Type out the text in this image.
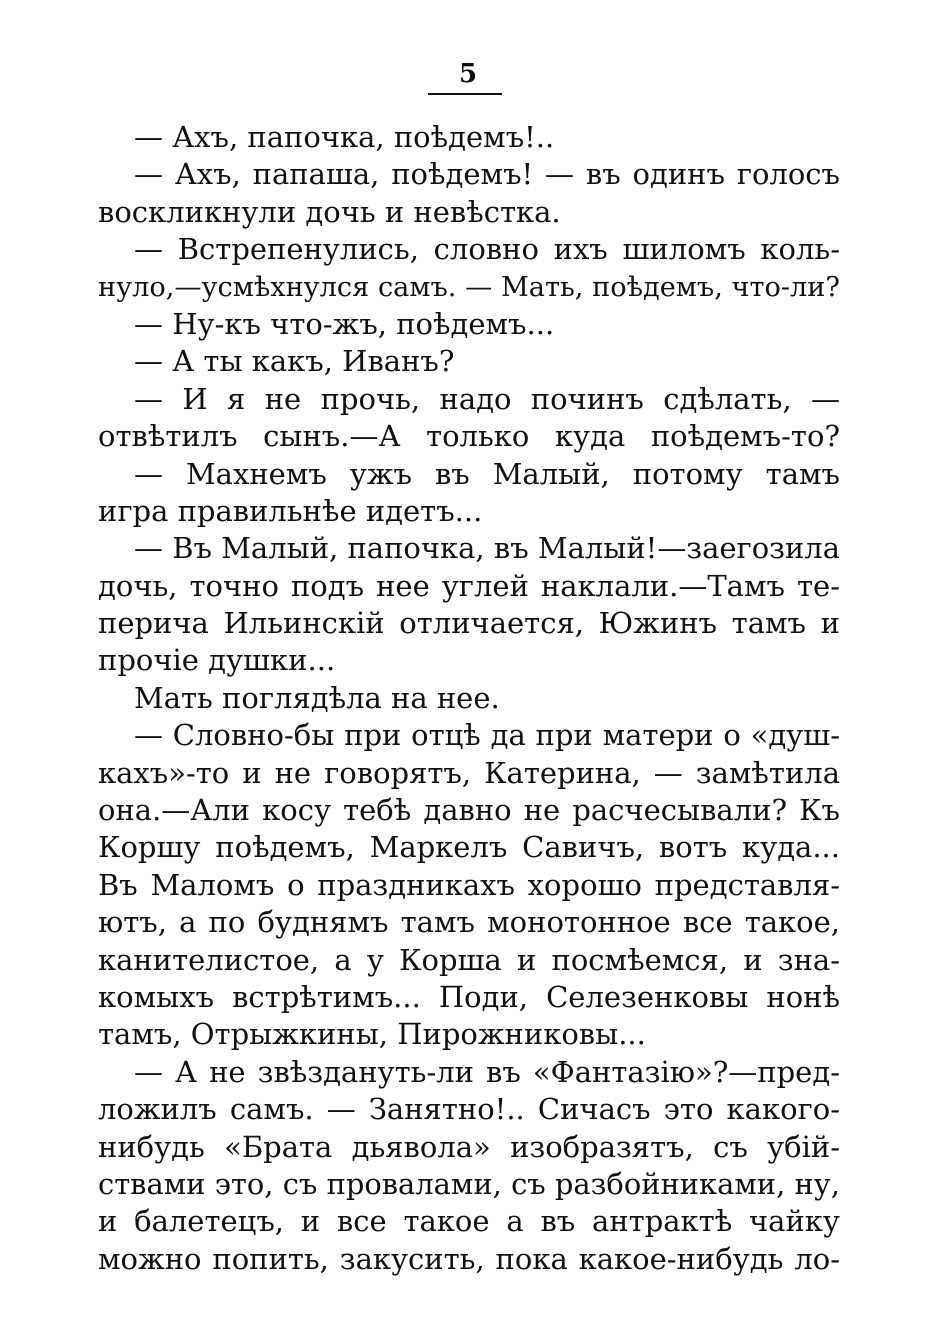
5
— Ахъ, папочка, поѣдемъ!..
— Ахъ, папаша, поѣдемъ! — въ одинъ голосъ
воскликнули дочь и невѣстка.
— Встрепенулись, словно ихъ шиломъ коль-
нуло,—усмѣхнулся самъ. — Мать, поѣдемъ, что-ли?
— Ну-къ что-жъ, поѣдемъ...
— А ты какъ, Иванъ?
— И я не прочь, надо починъ сдѣлать, —
отвѣтилъ сынъ.—А только куда поѣдемъ-то?
— Махнемъ ужъ въ Малый, потому тамъ
игра правильнѣе идетъ...
— Въ Малый, папочка, въ Малый!—заегозила
дочь, точно подъ нее углей наклали.—Тамъ те-
перича Ильинскій отличается, Южинъ тамъ и
прочіе душки...
Мать поглядѣла на нее.
— Словно-бы при отцѣ да при матери о «душ-
кахъ»-то и не говорятъ, Катерина, — замѣтила
она.—Али косу тебѣ давно не расчесывали? Къ
Коршу поѣдемъ, Маркелъ Савичъ, вотъ куда...
Въ Маломъ о праздникахъ хорошо представля-
ютъ, а по буднямъ тамъ монотонное все такое,
канителистое, а у Корша и посмѣемся, и зна-
комыхъ встрѣтимъ... Поди, Селезенковы нонѣ
тамъ, Отрыжкины, Пирожниковы...
— А не звѣздануть-ли въ «Фантазію»?—пред-
ложилъ самъ. — Занятно!.. Сичасъ это какого-
нибудь «Брата дьявола» изобразятъ, съ убій-
ствами это, съ провалами, съ разбойниками, ну,
и балетецъ, и все такое а въ антрактѣ чайку
можно попить, закусить, пока какое-нибудь ло-
